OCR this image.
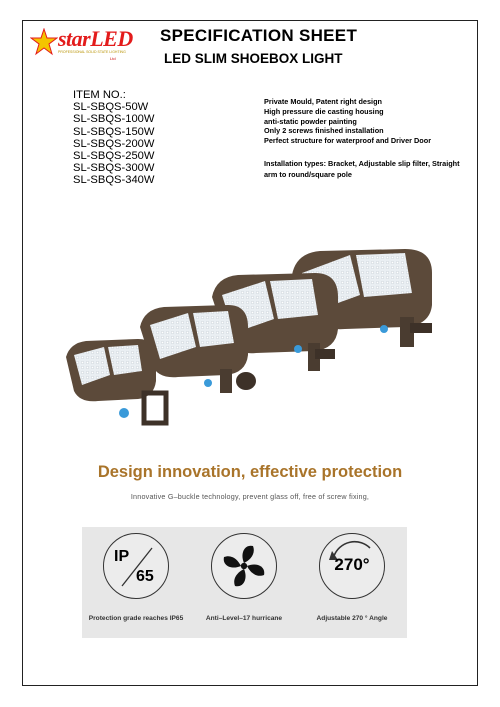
starLED
PROFESSIONAL SOLID STATE LIGHTING
Ltd
SPECIFICATION SHEET
LED SLIM SHOEBOX LIGHT
ITEM NO.:
SL-SBQS-50W
SL-SBQS-100W
SL-SBQS-150W
SL-SBQS-200W
SL-SBQS-250W
SL-SBQS-300W
SL-SBQS-340W
Private Mould, Patent right design
High pressure die casting housing
anti-static powder painting
Only 2 screws finished installation
Perfect structure for waterproof and Driver Door
Installation types: Bracket, Adjustable slip filter, Straight arm to round/square pole
Design innovation, effective protection
Innovative G–buckle technology, prevent glass off, free of screw fixing,
IP
65
Protection grade reaches IP65	Anti–Level–17 hurricane
270°
Adjustable 270 ° Angle
